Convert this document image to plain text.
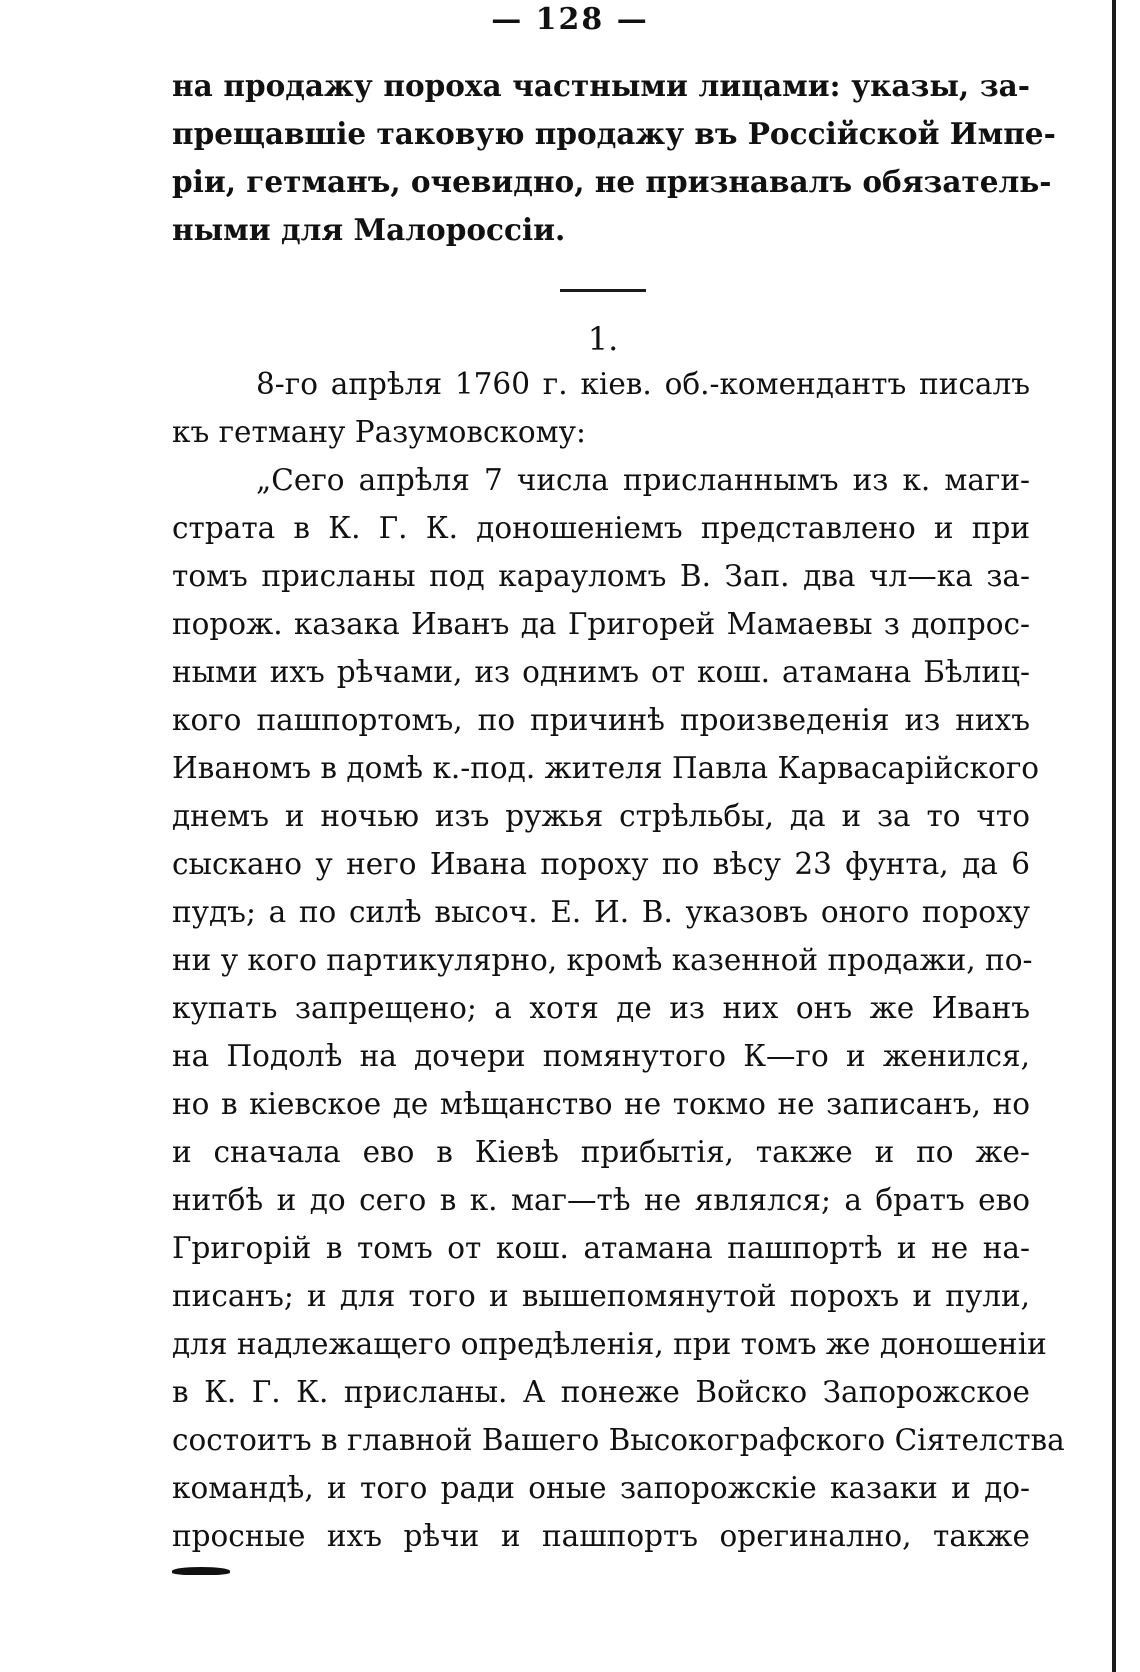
— 128 —
на продажу пороха частными лицами: указы, за-
прещавшіе таковую продажу въ Россійской Импе-
ріи, гетманъ, очевидно, не признавалъ обязатель-
ными для Малороссіи.
1.
8-го апрѣля 1760 г. кіев. об.-комендантъ писалъ
къ гетману Разумовскому:
„Сего апрѣля 7 числа присланнымъ из к. маги-
страта в К. Г. К. доношеніемъ представлено и при
томъ присланы под карауломъ В. Зап. два чл—ка за-
порож. казака Иванъ да Григорей Мамаевы з допрос-
ными ихъ рѣчами, из однимъ от кош. атамана Бѣлиц-
кого пашпортомъ, по причинѣ произведенія из нихъ
Иваномъ в домѣ к.-под. жителя Павла Карвасарійского
днемъ и ночью изъ ружья стрѣльбы, да и за то что
сыскано у него Ивана пороху по вѣсу 23 фунта, да 6
пудъ; а по силѣ высоч. Е. И. В. указовъ оного пороху
ни у кого партикулярно, кромѣ казенной продажи, по-
купать запрещено; а хотя де из них онъ же Иванъ
на Подолѣ на дочери помянутого К—го и женился,
но в кіевское де мѣщанство не токмо не записанъ, но
и сначала ево в Кіевѣ прибытія, также и по же-
нитбѣ и до сего в к. маг—тѣ не являлся; а братъ ево
Григорій в томъ от кош. атамана пашпортѣ и не на-
писанъ; и для того и вышепомянутой порохъ и пули,
для надлежащего опредѣленія, при томъ же доношеніи
в К. Г. К. присланы. А понеже Войско Запорожское
состоитъ в главной Вашего Высокографского Сіятелства
командѣ, и того ради оные запорожскіе казаки и до-
просные ихъ рѣчи и пашпортъ орегинално, также
